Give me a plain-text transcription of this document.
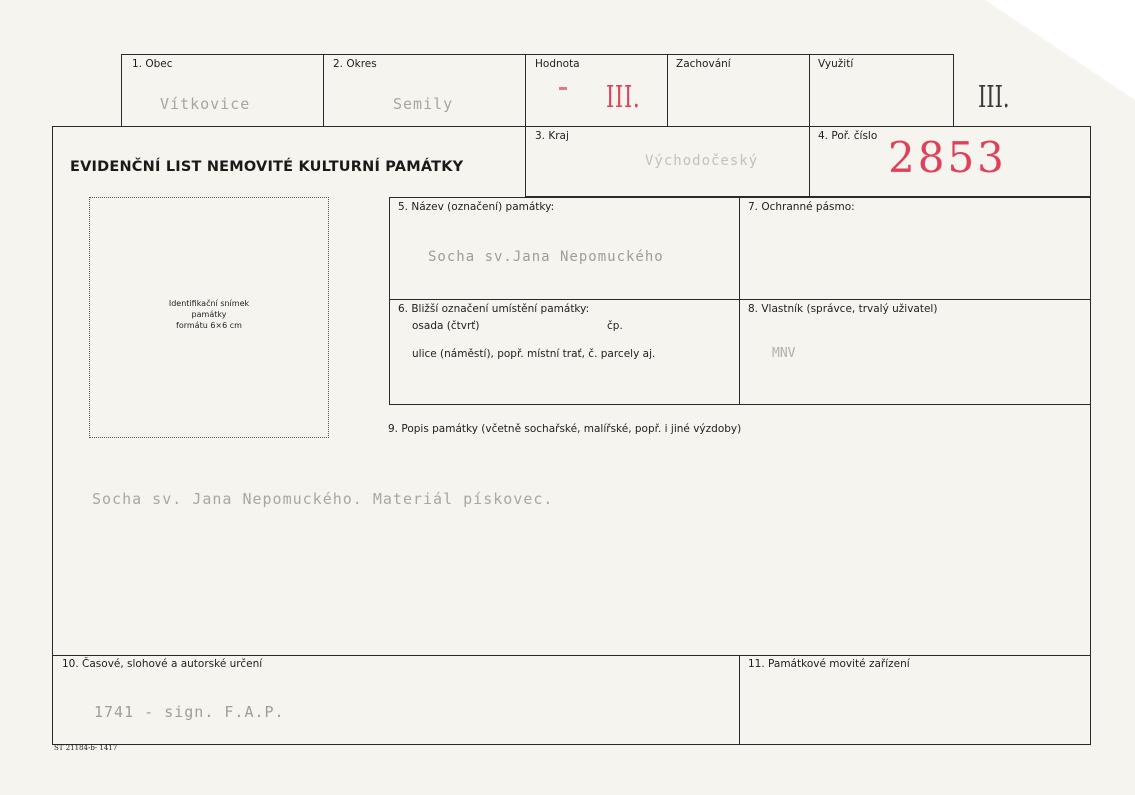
1. Obec
Vítkovice
2. Okres
Semily
Hodnota
III.
Zachování	Využití
III.
EVIDENČNÍ LIST NEMOVITÉ KULTURNÍ PAMÁTKY
3. Kraj
Východočeský
4. Poř. číslo 2853
Identifikační snímek
památky
formátu 6×6 cm
5. Název (označení) památky:
Socha sv.Jana Nepomuckého
7. Ochranné pásmo:
6. Bližší označení umístění památky:
osada (čtvrť)	čp.
ulice (náměstí), popř. místní trať, č. parcely aj.
8. Vlastník (správce, trvalý uživatel)
MNV
9. Popis památky (včetně sochařské, malířské, popř. i jiné výzdoby)
Socha sv. Jana Nepomuckého. Materiál pískovec.
10. Časové, slohové a autorské určení
1741 - sign. F.A.P.
11. Památkové movité zařízení
ST 21184-b- 1417
